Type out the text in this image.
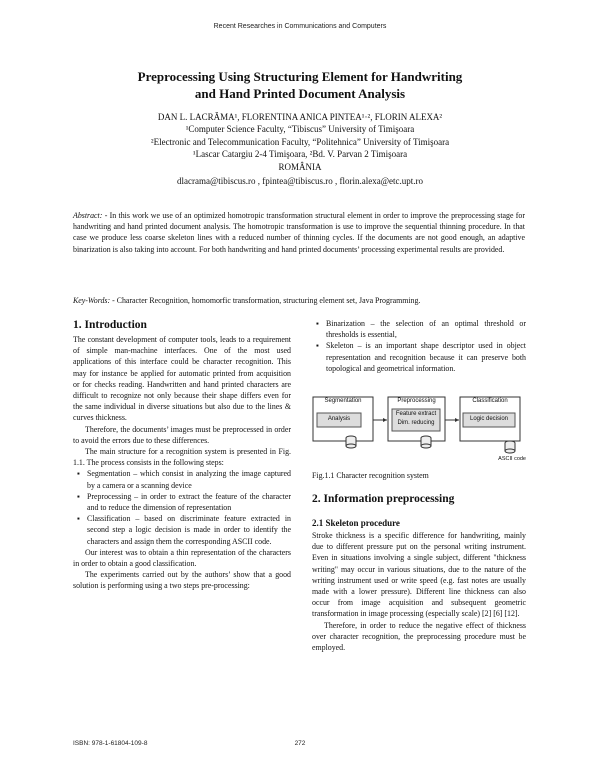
Recent Researches in Communications and Computers
Preprocessing Using Structuring Element for Handwriting
and Hand Printed Document Analysis
DAN L. LACRĂMA¹, FLORENTINA ANICA PINTEA¹·², FLORIN ALEXA²
¹Computer Science Faculty, “Tibiscus” University of Timişoara
²Electronic and Telecommunication Faculty, “Politehnica” University of Timişoara
¹Lascar Catargiu 2-4 Timişoara, ²Bd. V. Parvan 2 Timişoara
ROMÂNIA
dlacrama@tibiscus.ro , fpintea@tibiscus.ro , florin.alexa@etc.upt.ro
Abstract: - In this work we use of an optimized homotropic transformation structural element in order to improve the preprocessing stage for handwriting and hand printed document analysis. The homotropic transformation is use to improve the sequential thinning procedure. In that case we produce less coarse skeleton lines with a reduced number of thinning cycles. If the documents are not good enough, an adaptive binarization is also taking into account. For both handwriting and hand printed documents’ processing experimental results are provided.
Key-Words: - Character Recognition, homomorfic transformation, structuring element set, Java Programming.
1. Introduction

The constant development of computer tools, leads to a requirement of simple man-machine interfaces. One of the most used applications of this interface could be character recognition. This may for instance be applied for automatic printed from acquisition or for checks reading. Handwritten and hand printed characters are difficult to recognize not only because their shape differs even for the same individual in diverse situations but also due to the lines & curves thickness.

Therefore, the documents’ images must be preprocessed in order to avoid the errors due to these differences.

The main structure for a recognition system is presented in Fig. 1.1. The process consists in the following steps:

▪ Segmentation – which consist in analyzing the image captured by a camera or a scanning device

▪ Preprocessing – in order to extract the feature of the character and to reduce the dimension of representation

▪ Classification – based on discriminate feature extracted in second step a logic decision is made in order to identify the characters and assign them the corresponding ASCII code.

Our interest was to obtain a thin representation of the characters in order to obtain a good classification.

The experiments carried out by the authors’ show that a good solution is performing using a two steps pre-processing:

▪ Binarization – the selection of an optimal threshold or thresholds is essential,

▪ Skeleton – is an important shape descriptor used in object representation and recognition because it can preserve both topological and geometrical information.

Segmentation	Preprocessing	Classification
Analysis
Feature extract Dim. reducing
Logic decision
ASCII code
Fig.1.1 Character recognition system
2. Information preprocessing
2.1 Skeleton procedure

Stroke thickness is a specific difference for handwriting, mainly due to different pressure put on the personal writing instrument. Even in situations involving a single subject, different "thickness writing" may occur in various situations, due to the nature of the writing instrument used or write speed (e.g. fast notes are usually made with a lower pressure). Different line thickness can also occur from image acquisition and subsequent geometric transformation in image processing (especially scale) [2] [6] [12].

Therefore, in order to reduce the negative effect of thickness over character recognition, the preprocessing procedure must be employed.

ISBN: 978-1-61804-109-8	272
